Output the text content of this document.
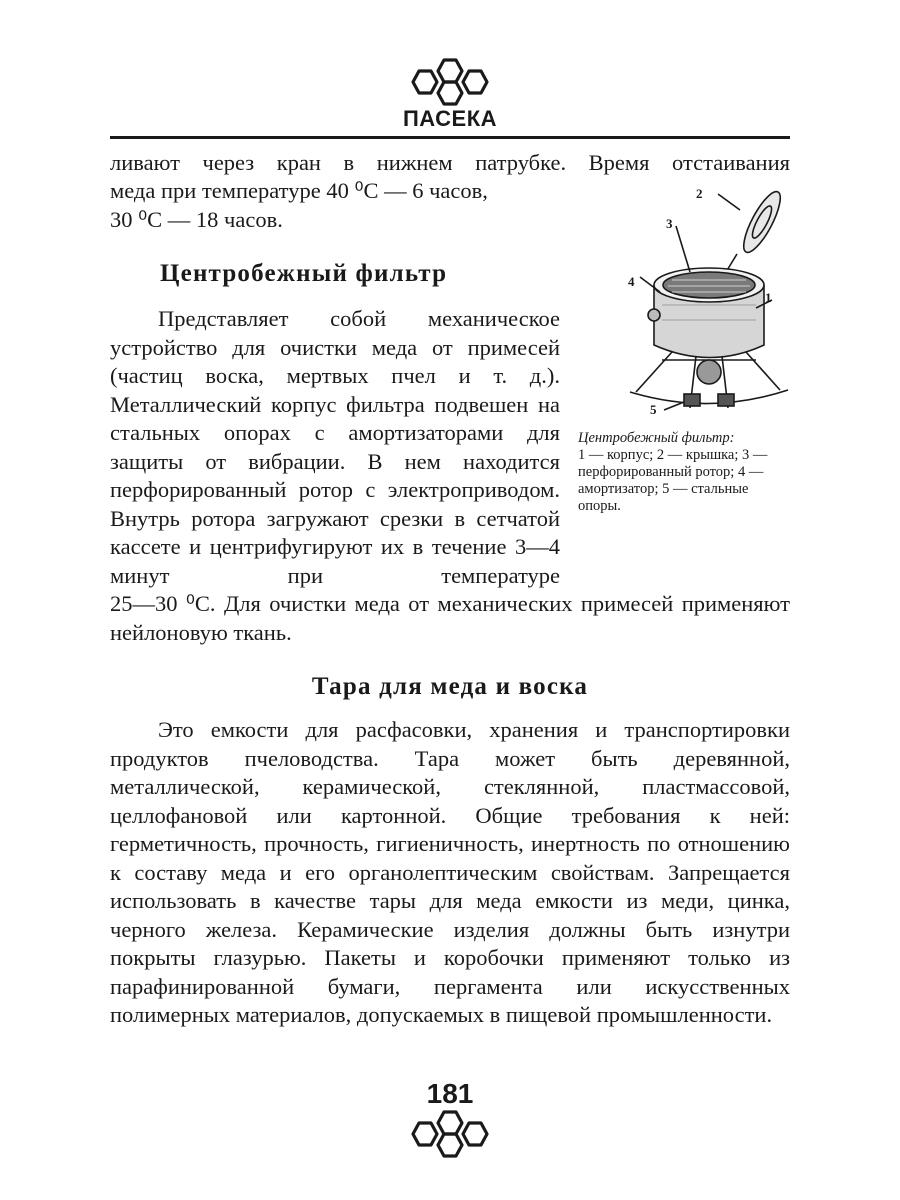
ПАСЕКА
ливают через кран в нижнем патрубке. Время отстаивания
меда при температуре 40 ⁰С — 6 часов,
30 ⁰С — 18 часов.
Центробежный фильтр
Представляет собой механическое устройство для очистки меда от примесей (частиц воска, мертвых пчел и т. д.). Металлический корпус фильтра подвешен на стальных опорах с амортизаторами для защиты от вибрации. В нем находится перфорированный ротор с электроприводом. Внутрь ротора загружают срезки в сетчатой кассете и центрифугируют их в течение 3—4 минут при температуре
25—30 ⁰С. Для очистки меда от механических примесей применяют нейлоновую ткань.
1
2
3
4
5
Центробежный фильтр:
1 — корпус; 2 — крышка; 3 — перфорированный ротор; 4 — амортизатор; 5 — стальные опоры.
Тара для меда и воска
Это емкости для расфасовки, хранения и транспортировки продуктов пчеловодства. Тара может быть деревянной, металлической, керамической, стеклянной, пластмассовой, целлофановой или картонной. Общие требования к ней: герметичность, прочность, гигиеничность, инертность по отношению к составу меда и его органолептическим свойствам. Запрещается использовать в качестве тары для меда емкости из меди, цинка, черного железа. Керамические изделия должны быть изнутри покрыты глазурью. Пакеты и коробочки применяют только из парафинированной бумаги, пергамента или искусственных полимерных материалов, допускаемых в пищевой промышленности.
181
